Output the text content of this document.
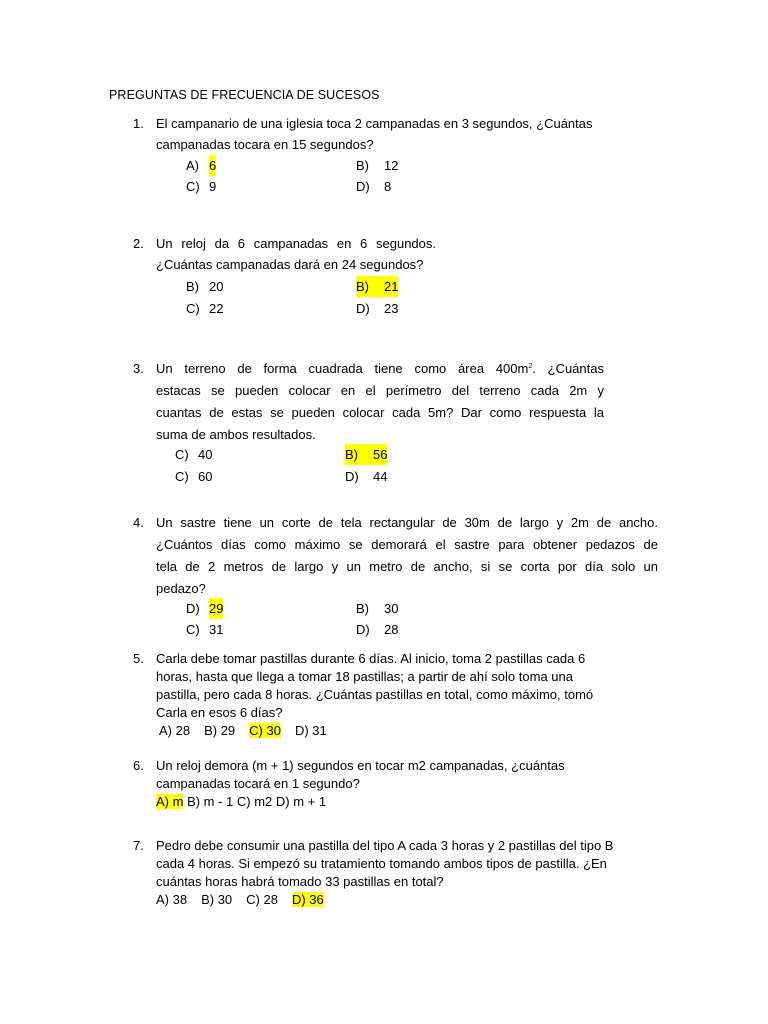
PREGUNTAS DE FRECUENCIA DE SUCESOS
1. El campanario de una iglesia toca 2 campanadas en 3 segundos, ¿Cuántas
campanadas tocara en 15 segundos?
A) 6	B) 12
C) 9	D) 8
2. Un reloj da 6 campanadas en 6 segundos.
¿Cuántas campanadas dará en 24 segundos?
B) 20	B) 21
C) 22	D) 23
3. Un terreno de forma cuadrada tiene como área $400m^2$. ¿Cuántas
estacas se pueden colocar en el perímetro del terreno cada 2m y
cuantas de estas se pueden colocar cada 5m? Dar como respuesta la
suma de ambos resultados.
C) 40	B) 56
C) 60	D) 44
4. Un sastre tiene un corte de tela rectangular de 30m de largo y 2m de ancho.
¿Cuántos días como máximo se demorará el sastre para obtener pedazos de
tela de 2 metros de largo y un metro de ancho, si se corta por día solo un
pedazo?
D) 29	B) 30
C) 31	D) 28
5. Carla debe tomar pastillas durante 6 días. Al inicio, toma 2 pastillas cada 6
horas, hasta que llega a tomar 18 pastillas; a partir de ahí solo toma una
pastilla, pero cada 8 horas. ¿Cuántas pastillas en total, como máximo, tomó
Carla en esos 6 días?
A) 28 B) 29 C) 30 D) 31
6. Un reloj demora (m + 1) segundos en tocar m2 campanadas, ¿cuántas
campanadas tocará en 1 segundo?
A) m B) m - 1 C) m2 D) m + 1
7. Pedro debe consumir una pastilla del tipo A cada 3 horas y 2 pastillas del tipo B
cada 4 horas. Si empezó su tratamiento tomando ambos tipos de pastilla. ¿En
cuántas horas habrá tomado 33 pastillas en total?
A) 38 B) 30 C) 28 D) 36
